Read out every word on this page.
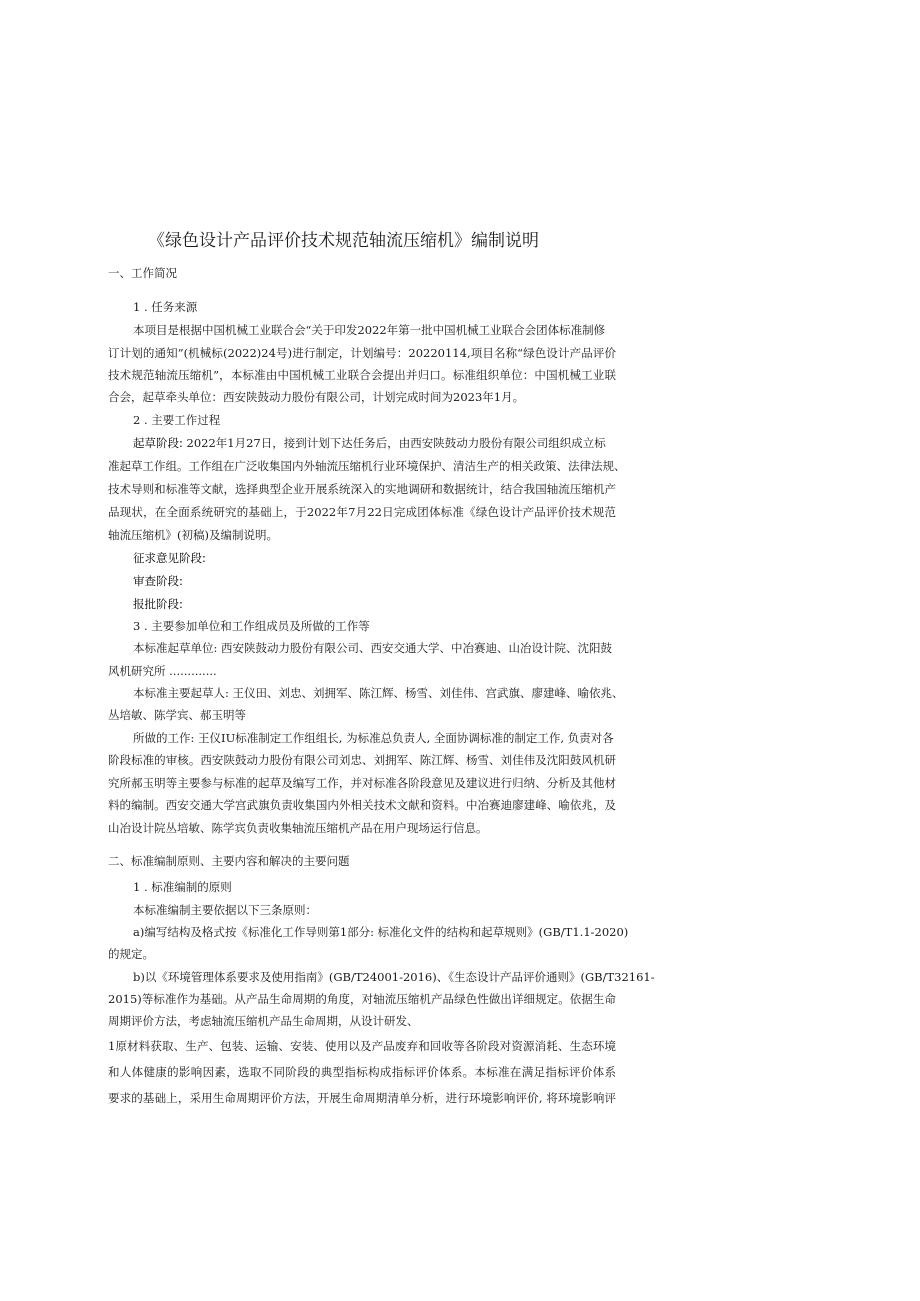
《绿色设计产品评价技术规范轴流压缩机》编制说明
一、工作简况
1 . 任务来源
本项目是根据中国机械工业联合会“关于印发2022年第一批中国机械工业联合会团体标准制修
订计划的通知”(机械标(2022)24号)进行制定，计划编号：20220114,项目名称“绿色设计产品评价
技术规范轴流压缩机”，本标准由中国机械工业联合会提出并归口。标准组织单位：中国机械工业联
合会，起草牵头单位：西安陕鼓动力股份有限公司，计划完成时间为2023年1月。
2 . 主要工作过程
起草阶段: 2022年1月27日，接到计划下达任务后，由西安陕鼓动力股份有限公司组织成立标
准起草工作组。工作组在广泛收集国内外轴流压缩机行业环境保护、清洁生产的相关政策、法律法规、
技术导则和标准等文献，选择典型企业开展系统深入的实地调研和数据统计，结合我国轴流压缩机产
品现状，在全面系统研究的基础上，于2022年7月22日完成团体标准《绿色设计产品评价技术规范
轴流压缩机》(初稿)及编制说明。
征求意见阶段:
审查阶段:
报批阶段:
3 . 主要参加单位和工作组成员及所做的工作等
本标准起草单位: 西安陕鼓动力股份有限公司、西安交通大学、中冶赛迪、山冶设计院、沈阳鼓
风机研究所 .............
本标准主要起草人: 王仪田、刘忠、刘拥军、陈江辉、杨雪、刘佳伟、宫武旗、廖建峰、喻依兆、
丛培敏、陈学宾、郝玉明等
所做的工作: 王仪IU标准制定工作组组长, 为标准总负责人, 全面协调标准的制定工作, 负责对各
阶段标准的审核。西安陕鼓动力股份有限公司刘忠、刘拥军、陈江辉、杨雪、刘佳伟及沈阳鼓风机研
究所郝玉明等主要参与标准的起草及编写工作，并对标准各阶段意见及建议进行归纳、分析及其他材
料的编制。西安交通大学宫武旗负责收集国内外相关技术文献和资料。中冶赛迪廖建峰、喻依兆，及
山冶设计院丛培敏、陈学宾负责收集轴流压缩机产品在用户现场运行信息。
二、标准编制原则、主要内容和解决的主要问题
1 . 标准编制的原则
本标准编制主要依据以下三条原则：
a)编写结构及格式按《标准化工作导则第1部分: 标准化文件的结构和起草规则》(GB/T1.1-2020)
的规定。
b)以《环境管理体系要求及使用指南》(GB/T24001-2016)、《生态设计产品评价通则》(GB/T32161-
2015)等标准作为基础。从产品生命周期的角度，对轴流压缩机产品绿色性做出详细规定。依据生命
周期评价方法，考虑轴流压缩机产品生命周期，从设计研发、
1原材料获取、生产、包装、运输、安装、使用以及产品废弃和回收等各阶段对资源消耗、生态环境
和人体健康的影响因素，选取不同阶段的典型指标构成指标评价体系。本标准在满足指标评价体系
要求的基础上，采用生命周期评价方法，开展生命周期清单分析，进行环境影响评价, 将环境影响评
